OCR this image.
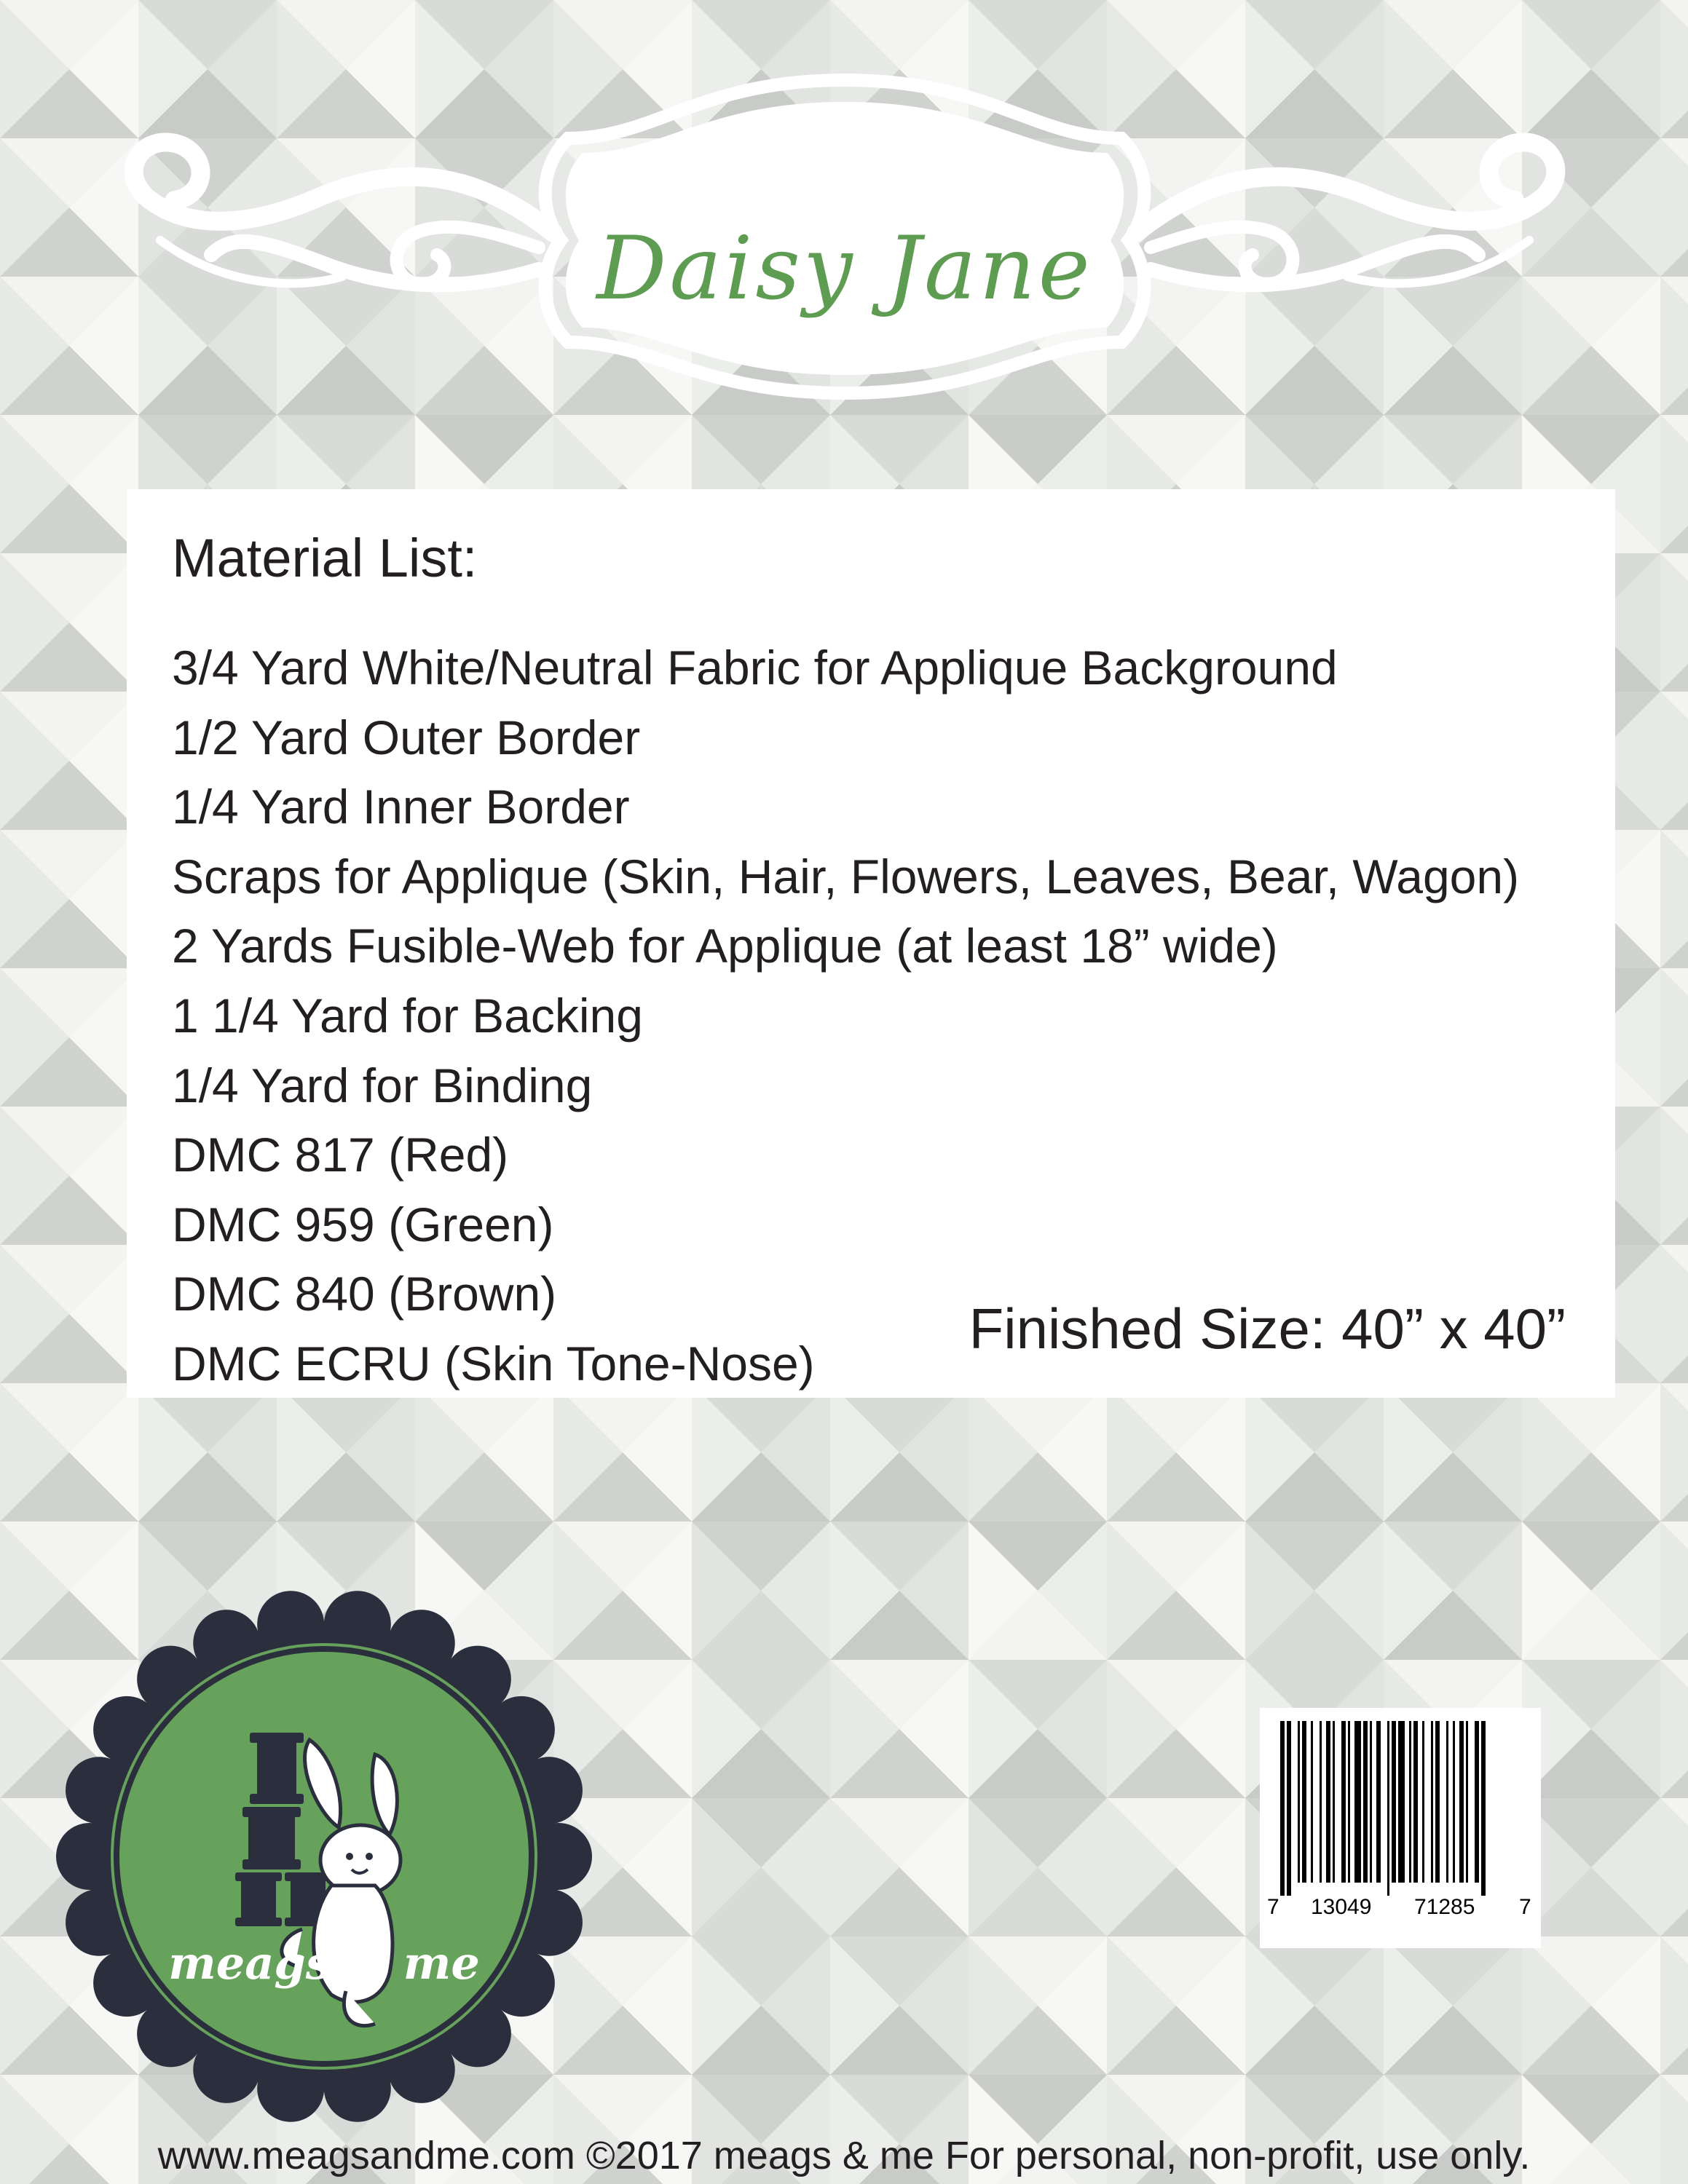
Daisy Jane
Material List:
3/4 Yard White/Neutral Fabric for Applique Background
1/2 Yard Outer Border
1/4 Yard Inner Border
Scraps for Applique (Skin, Hair, Flowers, Leaves, Bear, Wagon)
2 Yards Fusible-Web for Applique (at least 18” wide)
1 1/4 Yard for Backing
1/4 Yard for Binding
DMC 817 (Red)
DMC 959 (Green)
DMC 840 (Brown)
DMC ECRU (Skin Tone-Nose)
Finished Size: 40” x 40”
meags & me
7 13049 71285 7
www.meagsandme.com ©2017 meags & me For personal, non-profit, use only.
